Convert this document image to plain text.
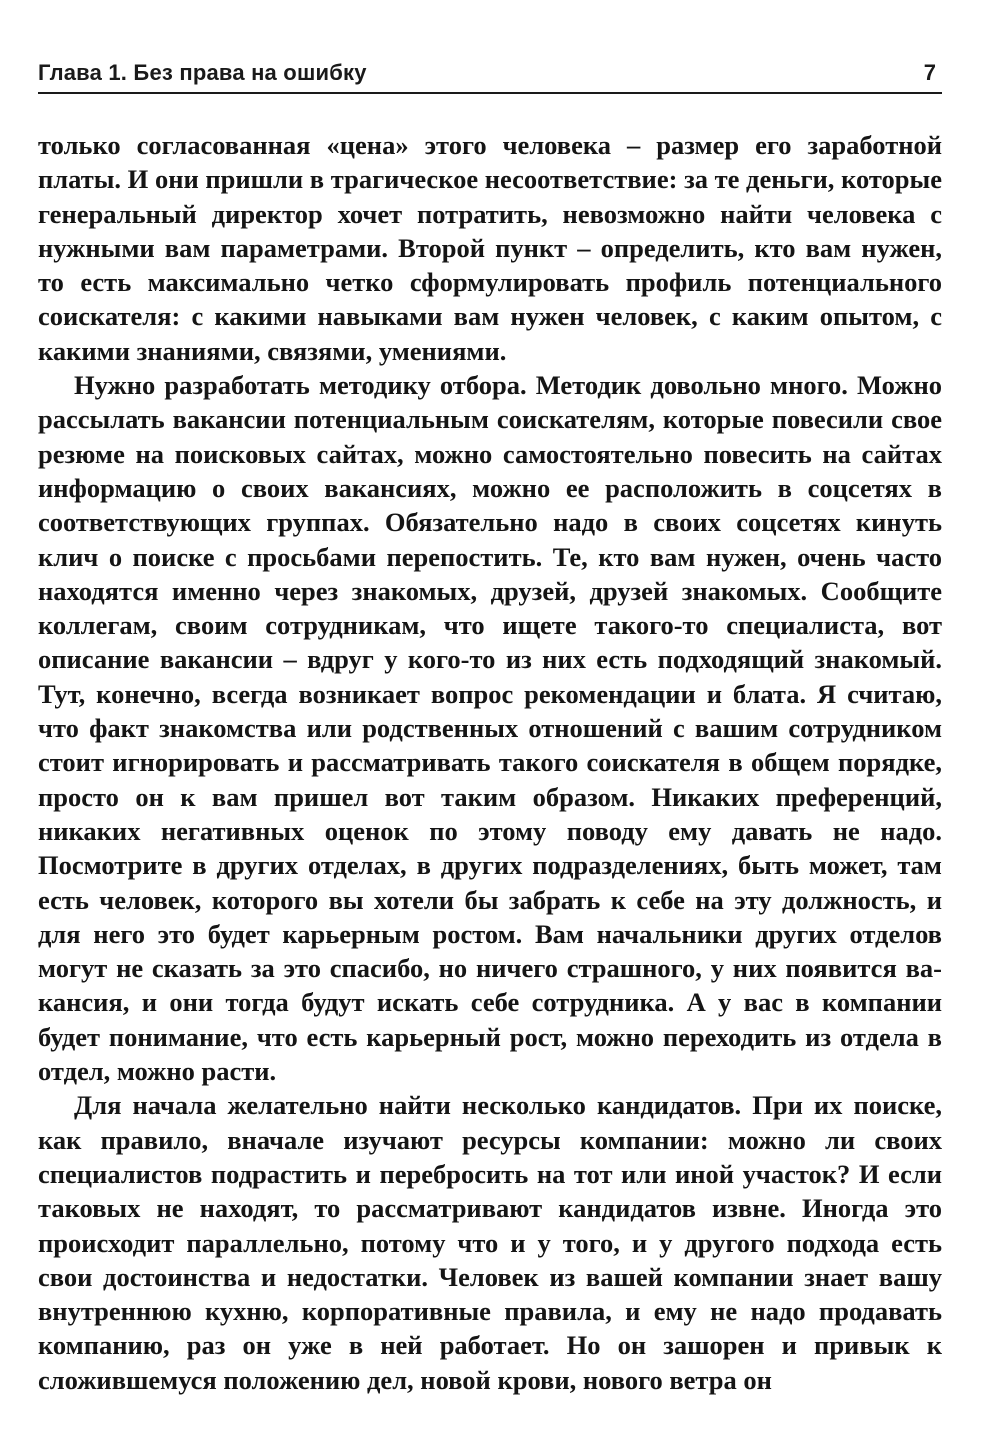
Глава 1. Без права на ошибку	7

только согласованная «цена» этого человека – размер его заработной платы. И они пришли в трагическое несоответствие: за те деньги, которые генеральный директор хочет потратить, невозможно найти человека с нужными вам параметрами. Второй пункт – определить, кто вам нужен, то есть максимально четко сформулировать профиль потенциального соискателя: с какими навыками вам нужен человек, с каким опытом, с какими знаниями, связями, умениями.

Нужно разработать методику отбора. Методик довольно много. Можно рассылать вакансии потенциальным соискателям, которые повесили свое резюме на поисковых сайтах, можно самостоятельно повесить на сайтах информацию о своих вакансиях, можно ее расположить в соцсетях в соответствующих группах. Обязательно надо в своих соцсетях кинуть клич о поиске с просьбами перепостить. Те, кто вам нужен, очень часто находятся именно через знакомых, друзей, друзей знакомых. Сообщите коллегам, своим сотрудникам, что ищете такого-то специалиста, вот описание вакансии – вдруг у кого-то из них есть подходящий знакомый. Тут, конечно, всегда возникает вопрос рекомендации и блата. Я считаю, что факт знакомства или родственных отношений с вашим сотрудником стоит игнорировать и рассматривать такого соискателя в общем порядке, просто он к вам пришел вот таким образом. Никаких преференций, никаких негативных оценок по этому поводу ему давать не надо. Посмотрите в других отделах, в других подразделениях, быть может, там есть человек, которого вы хотели бы забрать к себе на эту должность, и для него это будет карьерным ростом. Вам начальники других отделов могут не сказать за это спасибо, но ничего страшного, у них появится вакансия, и они тогда будут искать себе сотрудника. А у вас в компании будет понимание, что есть карьерный рост, можно переходить из отдела в отдел, можно расти.

Для начала желательно найти несколько кандидатов. При их поиске, как правило, вначале изучают ресурсы компании: можно ли своих специалистов подрастить и перебросить на тот или иной участок? И если таковых не находят, то рассматривают кандидатов извне. Иногда это происходит параллельно, потому что и у того, и у другого подхода есть свои достоинства и недостатки. Человек из вашей компании знает вашу внутреннюю кухню, корпоративные правила, и ему не надо продавать компанию, раз он уже в ней работает. Но он зашорен и привык к сложившемуся положению дел, новой крови, нового ветра он
